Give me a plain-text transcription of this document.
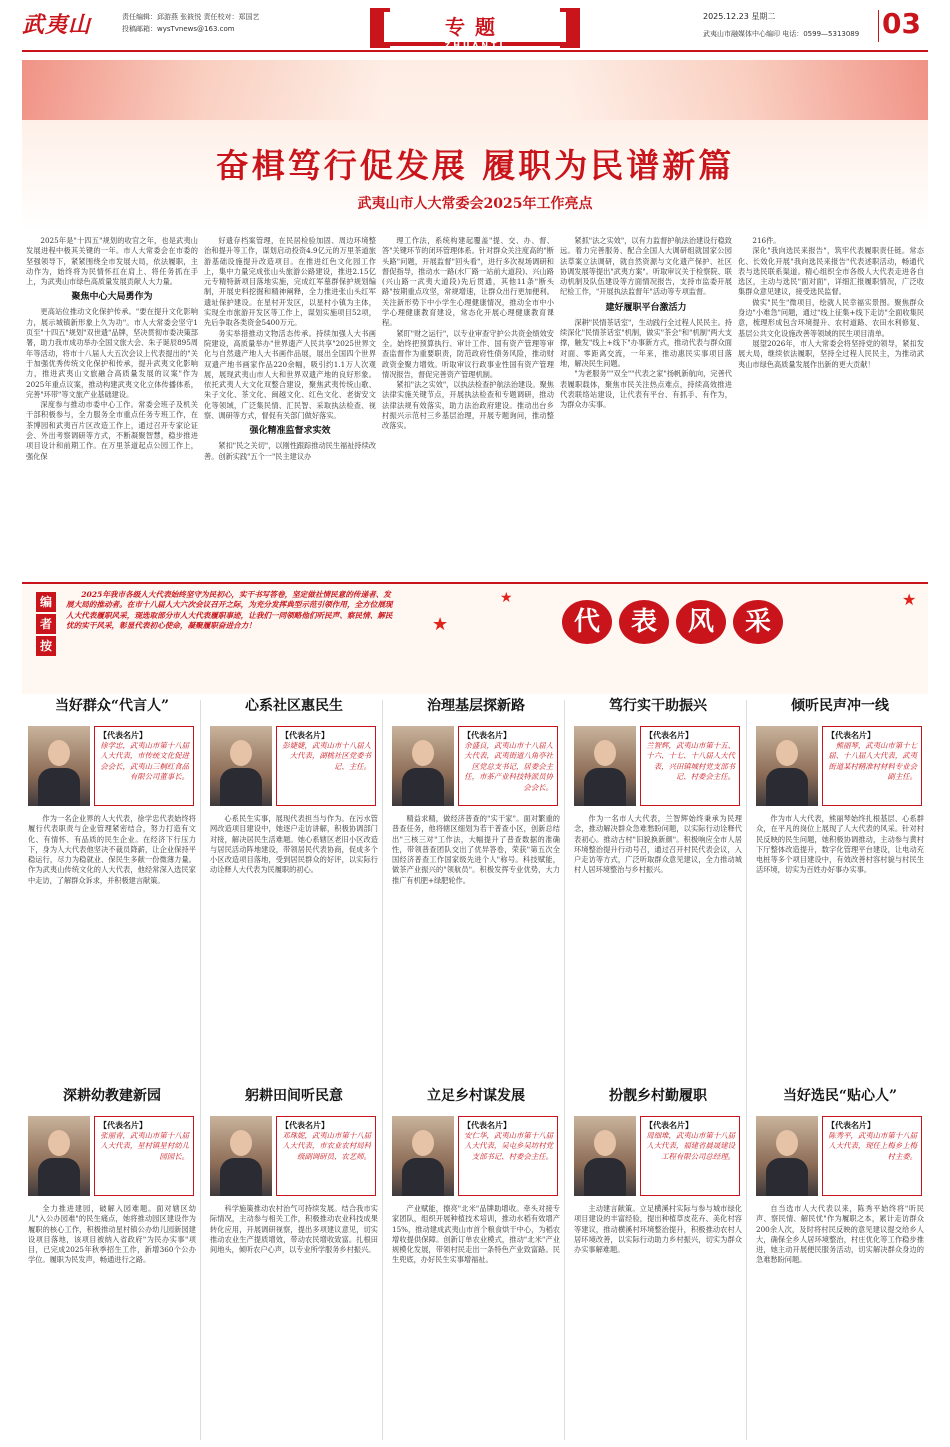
武夷山	责任编辑：邱游燕 张筱悦 责任校对：郑国艺
投稿邮箱：wysTvnews@163.com	专题
ZHUANTI
2025.12.23 星期二
武夷山市融媒体中心编印 电话：0599—5313089 03
奋楫笃行促发展 履职为民谱新篇
武夷山市人大常委会2025年工作亮点

2025年是"十四五"规划的收官之年，也是武夷山发展进程中极其关键的一年。市人大常委会在市委的坚强领导下，紧紧围绕全市发展大局，依法履职，主动作为，始终将为民情怀扛在肩上、将任务抓在手上，为武夷山市绿色高质量发展贡献人大力量。

聚焦中心大局勇作为

更高站位推动文化保护传承。"要在提升文化影响力，展示城镇新形象上久为功"。市人大常委会坚守1页至"十四五"规划"双世遗"品牌，坚决贯彻市委决策部署，助力我市成功举办全国文旅大会、朱子诞辰895周年等活动，将市十八届人大五次会议上代表提出的"关于加强优秀传统文化保护和传承，提升武夷文化影响力，推进武夷山文旅融合高质量发展的议案"作为2025年重点议案，推动构建武夷文化立体传播体系，完善"环带"等文旅产业基础建设。

深度参与推动市委中心工作。常委会班子及机关干部积极参与，全力服务全市重点任务专班工作，在茶博园和武夷百片区改造工作上，通过召开专家论证会、外出考察调研等方式，不断凝聚智慧，稳步推进项目设计和前期工作。在万里茶道起点公园工作上，强化保

好遗存档案管理，在民居检验加固、周边环境整治和提升等工作，谋划启动投资4.9亿元的万里茶道旅游基础设施提升改造项目。在推进红色文化园工作上，集中力量完成张山头旅游公路建设，推进2.15亿元专精特新项目落地实施，完成红军墓群保护规划编制，开展史料挖掘和精神阐释，全力推进张山头红军遗址保护建设。在星村开发区，以星村小镇为主体，实现全市旅游开发区等工作上，谋划实施项目52项，先后争取各类资金5400万元。

务实举措推动文物活态传承。持续加强人大书画院建设，高质量举办"世界遗产人民共享"2025世界文化与自然遗产地人大书画作品展，展出全国四个世界双遗产地书画家作品220余幅，吸引约1.1万人次观展，展现武夷山市人大和世界双遗产地的良好形象。依托武夷人大文化双整合建设，聚焦武夷传统山歌、朱子文化、茶文化、闽越文化、红色文化、老街安文化等领域，广泛集民情、汇民智、采取执法检查、视察、调研等方式，督促有关部门做好落实。

强化精准监督求实效

紧扣"民之关切"，以刚性跟踪推动民生福祉持续改善。创新实践"五个一"民主建议办

理工作法，系统构建起覆盖"提、交、办、督、答"关键环节的闭环管理体系。针对群众关注度高的"断头路"问题，开展监督"回头看"，进行多次视场调研和督促指导，推动水一路(水厂路一站前大道段)、兴山路(兴山路一武夷大道段)先后贯通，其他11条"断头路"按期重点攻坚，常规增速，让群众出行更加便利。关注新形势下中小学生心理健康情况，推动全市中小学心理健康教育建设，常态化开展心理健康教育课程。

紧盯"财之运行"，以专业审查守护公共资金绩效安全。始终把预算执行、审计工作、国有资产管理等审查监督作为重要职责，防范政府性债务风险，推动财政资金聚力增效。听取审议行政事业性国有资产管理情况报告，督促完善资产管理机制。

紧扣"法之实效"，以执法检查护航法治建设。聚焦法律实施关键节点，开展执法检查和专题调研，推动法律法规有效落实，助力法治政府建设。推动出台乡村振兴示范村三乡基层治理，开展专题询问，推动整改落实。

紧抓"法之实效"，以有力监督护航法治建设行稳致远。着力完善服务、配合全国人大调研组就国家公园法草案立法调研，就自然资源与文化遗产保护、社区协调发展等提出"武夷方案"。听取审议关于检察院、联动机制及队伍建设等方面情况报告，支持市监委开展纪检工作，"开展执法监督年"活动等专项监督。

建好履职平台激活力

深耕"民情茶话室"，生动践行全过程人民民主。持续深化"民情茶话室"机制，做实"茶会"和"机制"两大支撑，触发"线上+线下"办事新方式，推动代表与群众面对面、零距离交流，一年来，推动惠民实事项目落地，解决民生问题。

"为老服务""双全""代表之家"扬帆新航向，完善代表履职载体，聚焦市民关注热点难点，持续高效推进代表联络站建设，让代表有平台、有抓手、有作为，为群众办实事。

216件。

深化"我向选民来报告"，筑牢代表履职责任链。常态化、长效化开展"我向选民来报告"代表述职活动，畅通代表与选民联系渠道。精心组织全市各级人大代表走进各自选区，主动与选民"面对面"，详细汇报履职情况，广泛收集群众意见建议，接受选民监督。

做实"民生"微项目，绘就人民幸福实景图。聚焦群众身边"小难急"问题，通过"线上征集+线下走访"全面收集民意，梳理形成包含环境提升、农村道路、农田水利修复、基层公共文化设施改善等领域的民生项目清单。

展望2026年，市人大常委会将坚持党的领导，紧扣发展大局，继续依法履职，坚持全过程人民民主，为推动武夷山市绿色高质量发展作出新的更大贡献！

编
者
按
2025年我市各级人大代表始终坚守为民初心，实干书写答卷，坚定做社情民意的传递者、发展大局的推动者。在市十八届人大六次会议召开之际，为充分发挥典型示范引领作用，全方位展现人大代表履职风采，现选取部分市人大代表履职事迹，让我们一同领略他们听民声、察民情、解民忧的实干风采，彰显代表初心使命，凝聚履职奋进合力！	★
★	★
代 表 风 采
当好群众“代言人”
【代表名片】
徐学忠，武夷山市第十八届人大代表，市传统文化促进会会长，武夷山三桐红食品有限公司董事长。

作为一名企业界的人大代表，徐学忠代表始终将履行代表职责与企业管理紧密结合，努力打造有文化、有情怀、有品质的民生企业。在经济下行压力下，身为人大代表他坚决不裁员降薪，让企业保持平稳运行，尽力为稳就业、保民生多献一份微薄力量。作为武夷山传统文化的人大代表，他经常深入选民家中走访，了解群众诉求，并积极建言献策。

心系社区惠民生
【代表名片】
彭婕婕，武夷山市十八届人大代表，湖桃社区党委书记、主任。

心系民生实事，展现代表担当与作为。在污水管网改造项目建设中，她逐户走访讲解，积极协调部门对接，解决居民生活难题。她心系辖区老旧小区改造与居民活动阵地建设，带领居民代表协商，促成多个小区改造项目落地，受到居民群众的好评，以实际行动诠释人大代表为民履职的初心。

治理基层探新路
【代表名片】
余盛良，武夷山市十八届人大代表，武夷街道八角亭社区党总支书记，居委会主任，市茶产业科技特派员协会会长。

精益求精，做经济普查的"实干家"。面对繁重的普查任务，他将辖区细划为若干普查小区，创新总结出"三核三对"工作法，大幅提升了普查数据的准确性，带领普查团队交出了优异答卷，荣获"第五次全国经济普查工作国家级先进个人"称号。科技赋能，做茶产业振兴的"领航员"。积极发挥专业优势，大力推广有机肥+绿肥轮作。

笃行实干助振兴
【代表名片】
兰智辉，武夷山市第十五、十六、十七、十八届人大代表，兴田镇城村党支部书记、村委会主任。

作为一名市人大代表，兰智辉始终秉承为民理念，推动解决群众急难愁盼问题，以实际行动诠释代表初心。推动古村"旧貌换新颜"。积极响应全市人居环境整治提升行动号召，通过召开村民代表会议，入户走访等方式，广泛听取群众意见建议，全力推动城村人居环境整治与乡村振兴。

倾听民声冲一线
【代表名片】
熊丽琴，武夷山市第十七届、十八届人大代表，武夷街道某村精准村材料专业会副主任。

作为市人大代表，熊丽琴始终扎根基层、心系群众，在平凡的岗位上展现了人大代表的风采。针对村民反映的民生问题，她积极协调推动，主动参与黄村下厅整体改造提升，数字化管理平台建设，让电动充电桩等多个项目建设中，有效改善村容村貌与村民生活环境，切实为百姓办好事办实事。

深耕幼教建新园
【代表名片】
张丽青，武夷山市第十八届人大代表，星村镇星村幼儿园园长。

全力推进建园，破解入园难题。面对辖区幼儿"入公办园难"的民生痛点，她将推动园区建设作为履职的核心工作，积极推动星村镇公办幼儿园新园建设项目落地，该项目被纳入省政府"为民办实事"项目，已完成2025年秋季招生工作，新增360个公办学位。履职为民发声，畅通进行之路。

躬耕田间听民意
【代表名片】
邓珠妮，武夷山市第十八届人大代表，市农业农村局科级副调研员、农艺师。

科学施策推动农村治气可持续发展。结合我市实际情况，主动参与相关工作，积极推动农业科技成果转化应用，开展调研视察，提出多项建议意见，切实推动农业生产提质增效，带动农民增收致富。扎根田间地头，倾听农户心声，以专业所学服务乡村振兴。

立足乡村谋发展
【代表名片】
安仁华，武夷山市第十八届人大代表，吴屯乡吴坊村党支部书记、村委会主任。

产业赋能，擦亮"北米"品牌助增收。牵头对接专家团队，组织开展种植技术培训，推动水稻有效增产15%，推动建成武夷山市首个粮食烘干中心，为稻农增收提供保障。创新订单农业模式，推动"北米"产业规模化发展，带领村民走出一条特色产业致富路。民生兜底，办好民生实事增福祉。

扮靓乡村勤履职
【代表名片】
周细堆，武夷山市第十八届人大代表，福建省晨晟建设工程有限公司总经理。

主动建言献策。立足横溪村实际与参与城市绿化项目建设的丰富经验，提出种植草皮花卉、美化村容等建议，推动横溪村环境整治提升，积极推动农村人居环境改善，以实际行动助力乡村振兴，切实为群众办实事解难题。

当好选民“贴心人”
【代表名片】
陈秀平，武夷山市第十八届人大代表，现任上梅乡上梅村主委。

自当选市人大代表以来，陈秀平始终将"听民声、察民情、解民忧"作为履职之本，累计走访群众200余人次，及时将村民反映的意见建议提交给乡人大，确保全乡人居环境整治，村庄优化等工作稳步推进，她主动开展便民服务活动，切实解决群众身边的急难愁盼问题。
